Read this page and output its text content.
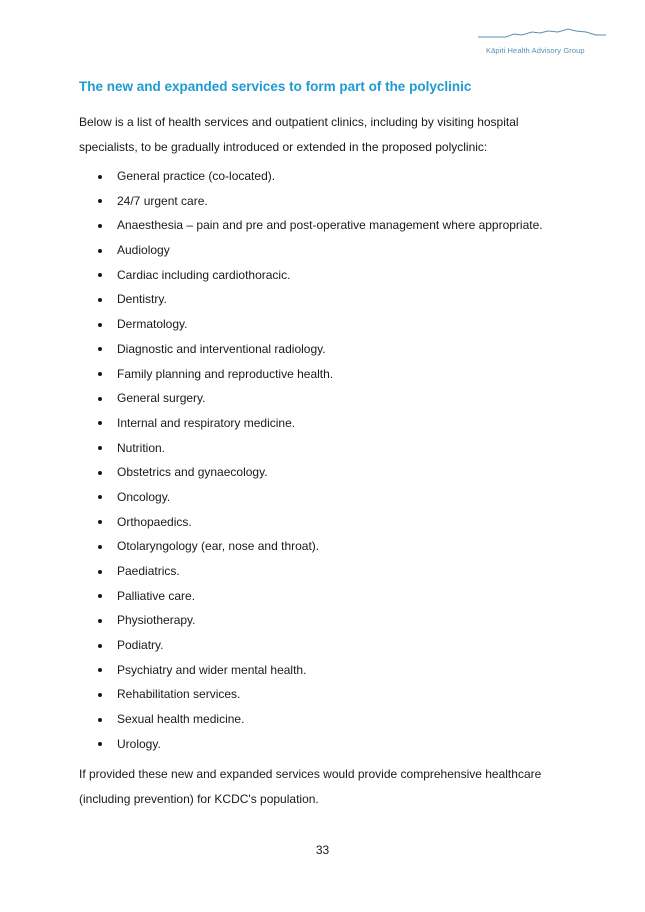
Kāpiti Health Advisory Group
The new and expanded services to form part of the polyclinic

Below is a list of health services and outpatient clinics, including by visiting hospital specialists, to be gradually introduced or extended in the proposed polyclinic:

General practice (co-located).
24/7 urgent care.
Anaesthesia – pain and pre and post-operative management where appropriate.
Audiology
Cardiac including cardiothoracic.
Dentistry.
Dermatology.
Diagnostic and interventional radiology.
Family planning and reproductive health.
General surgery.
Internal and respiratory medicine.
Nutrition.
Obstetrics and gynaecology.
Oncology.
Orthopaedics.
Otolaryngology (ear, nose and throat).
Paediatrics.
Palliative care.
Physiotherapy.
Podiatry.
Psychiatry and wider mental health.
Rehabilitation services.
Sexual health medicine.
Urology.

If provided these new and expanded services would provide comprehensive healthcare (including prevention) for KCDC's population.

33
